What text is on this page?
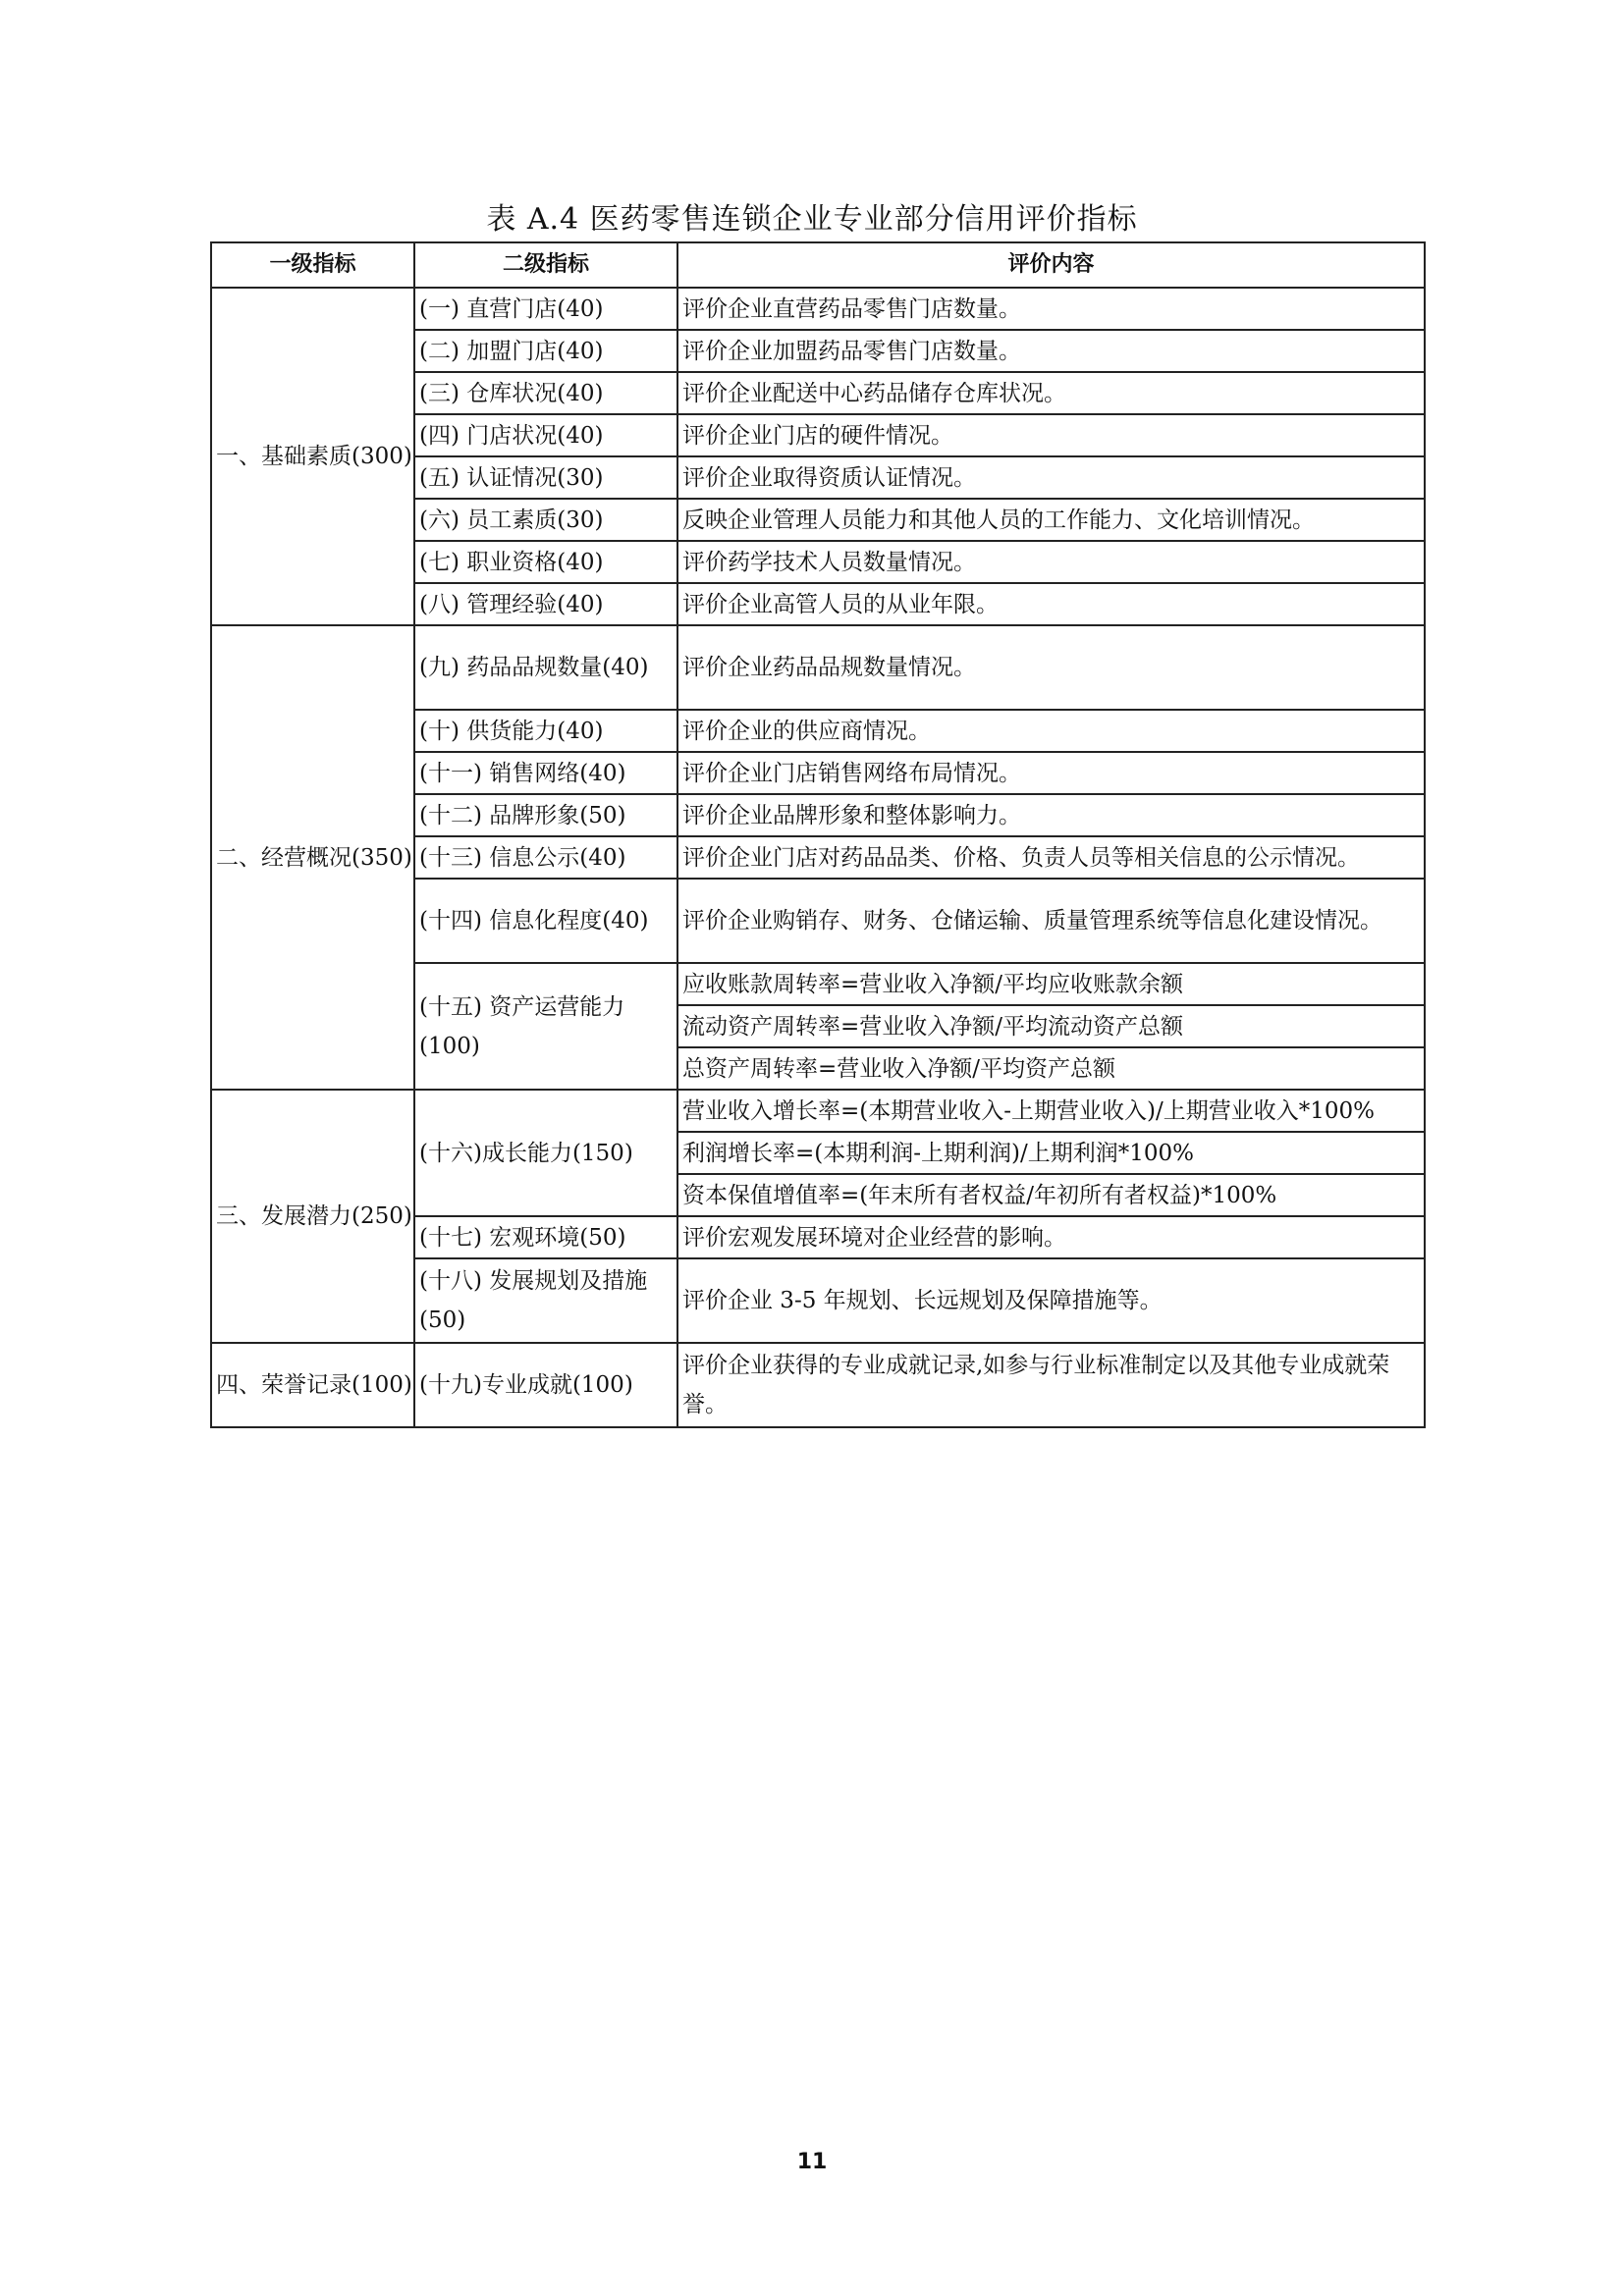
表 A.4 医药零售连锁企业专业部分信用评价指标
一级指标	二级指标	评价内容
一、基础素质(300)	(一) 直营门店(40)	评价企业直营药品零售门店数量。
	(二) 加盟门店(40)	评价企业加盟药品零售门店数量。
	(三) 仓库状况(40)	评价企业配送中心药品储存仓库状况。
	(四) 门店状况(40)	评价企业门店的硬件情况。
	(五) 认证情况(30)	评价企业取得资质认证情况。
	(六) 员工素质(30)	反映企业管理人员能力和其他人员的工作能力、文化培训情况。
	(七) 职业资格(40)	评价药学技术人员数量情况。
	(八) 管理经验(40)	评价企业高管人员的从业年限。
二、经营概况(350)	(九) 药品品规数量(40)	评价企业药品品规数量情况。
	(十) 供货能力(40)	评价企业的供应商情况。
	(十一) 销售网络(40)	评价企业门店销售网络布局情况。
	(十二) 品牌形象(50)	评价企业品牌形象和整体影响力。
	(十三) 信息公示(40)	评价企业门店对药品品类、价格、负责人员等相关信息的公示情况。
	(十四) 信息化程度(40)	评价企业购销存、财务、仓储运输、质量管理系统等信息化建设情况。
	(十五) 资产运营能力(100)	应收账款周转率=营业收入净额/平均应收账款余额
		流动资产周转率=营业收入净额/平均流动资产总额
		总资产周转率=营业收入净额/平均资产总额
三、发展潜力(250)	(十六)成长能力(150)	营业收入增长率=(本期营业收入-上期营业收入)/上期营业收入*100%
		利润增长率=(本期利润-上期利润)/上期利润*100%
		资本保值增值率=(年末所有者权益/年初所有者权益)*100%
	(十七) 宏观环境(50)	评价宏观发展环境对企业经营的影响。
	(十八) 发展规划及措施(50)	评价企业 3-5 年规划、长远规划及保障措施等。
四、荣誉记录(100)	(十九)专业成就(100)	评价企业获得的专业成就记录,如参与行业标准制定以及其他专业成就荣誉。
11
